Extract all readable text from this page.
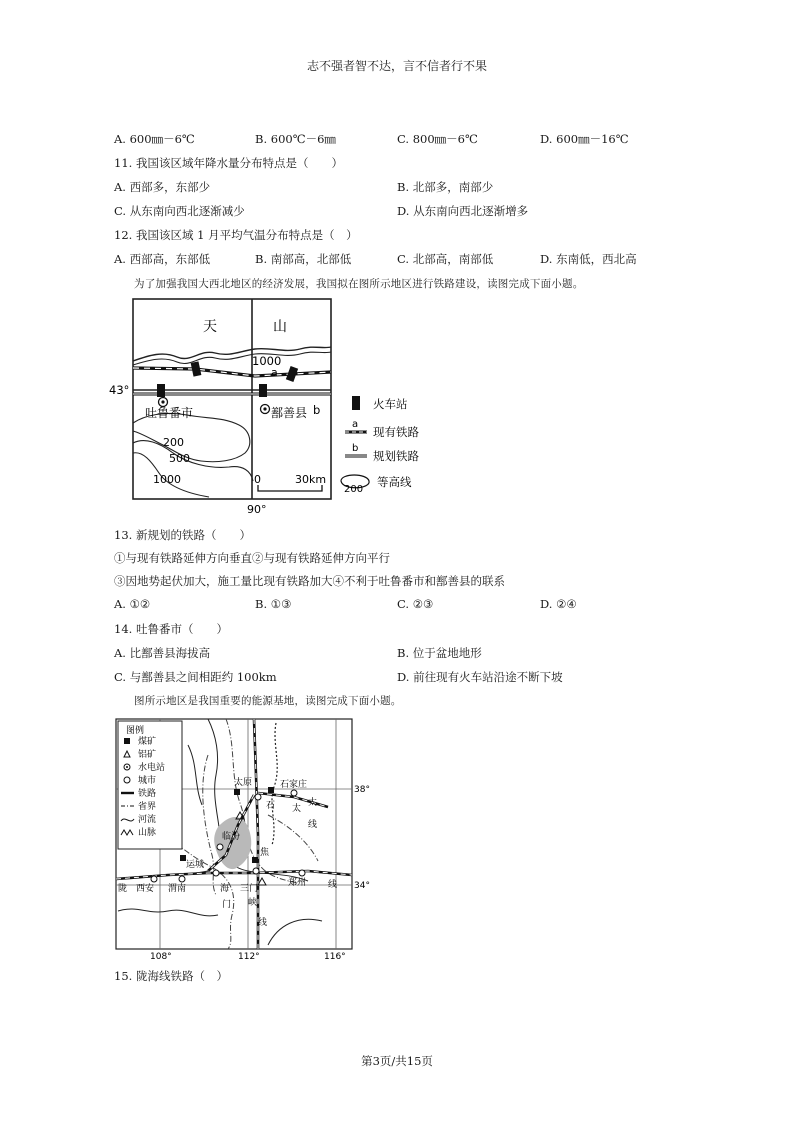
志不强者智不达，言不信者行不果
A. 600㎜－6℃	B. 600℃－6㎜	C. 800㎜－6℃	D. 600㎜－16℃
11. 我国该区域年降水量分布特点是（　　）
A. 西部多，东部少	B. 北部多，南部少
C. 从东南向西北逐渐减少	D. 从东南向西北逐渐增多
12. 我国该区域 1 月平均气温分布特点是（　）
A. 西部高，东部低	B. 南部高，北部低	C. 北部高，南部低	D. 东南低，西北高
为了加强我国大西北地区的经济发展，我国拟在图所示地区进行铁路建设，读图完成下面小题。
天	山
1000
a
b
43°
吐鲁番市	鄯善县
200
500
1000
90°
0	30km
火车站
a
现有铁路
b
规划铁路
200
等高线
13. 新规划的铁路（　　）
①与现有铁路延伸方向垂直②与现有铁路延伸方向平行
③因地势起伏加大，施工量比现有铁路加大④不利于吐鲁番市和鄯善县的联系
A. ①②	B. ①③	C. ②③	D. ②④
14. 吐鲁番市（　　）
A. 比鄯善县海拔高	B. 位于盆地地形
C. 与鄯善县之间相距约 100km	D. 前往现有火车站沿途不断下坡
图所示地区是我国重要的能源基地，读图完成下面小题。
图例
煤矿
铝矿
水电站
城市
铁路
省界
河流
山脉
太原	石家庄
石 太
太
线
临汾
焦
运城
郑州
陇 西安 渭南	海 三门
峡
门
线
线
38°
34°
108°	112°	116°
15. 陇海线铁路（　）
第3页/共15页
